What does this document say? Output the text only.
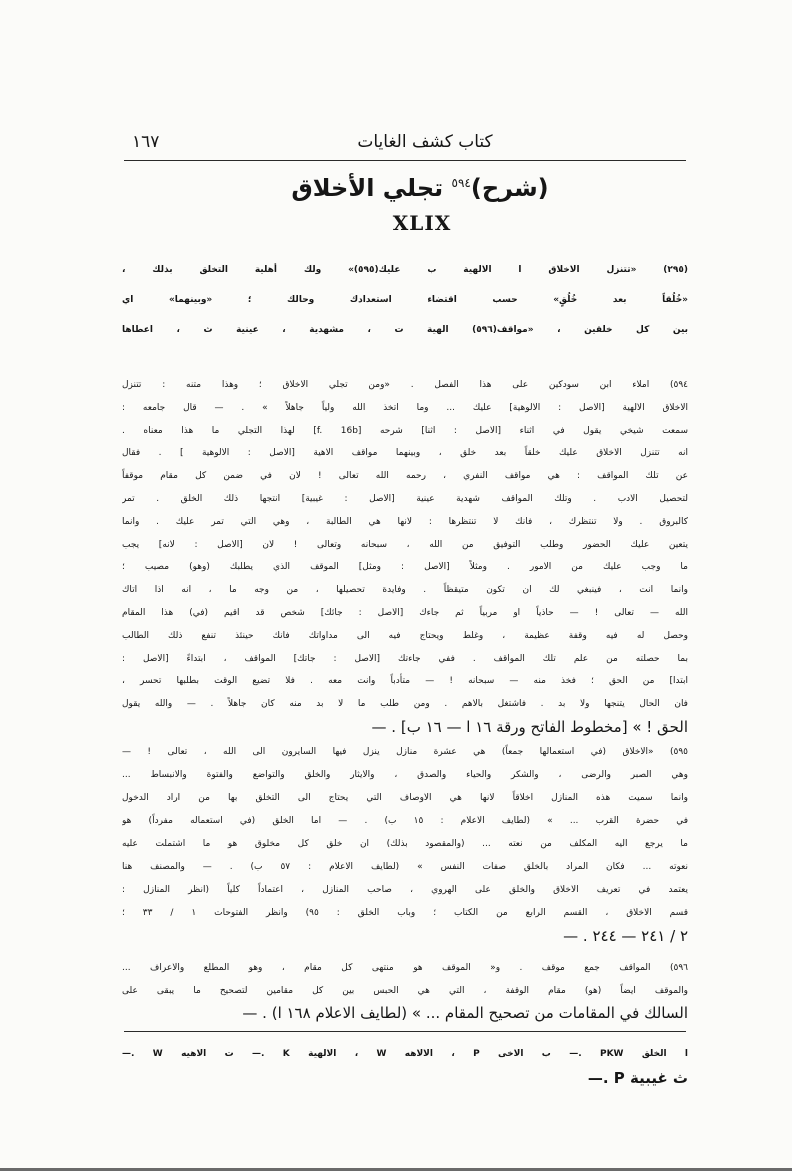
كتاب كشف الغايات
١٦٧
(شرح)$^{٥٩٤}$ تجلي الأخلاق
XLIX
(٢٩٥) «تتنزل الاخلاق ا الالهية ب عليك(٥٩٥)» ولك أهلية التخلق بذلك ،
«خُلُقاً بعد خُلُقٍ» حسب اقتضاء استعدادك وحالك ؛ «وبينهما» اي
بين كل خلقين ، «مواقف(٥٩٦) الهية ت ، مشهدية ، عينية ث ، اعطاها
٥٩٤) املاء ابن سودكين على هذا الفصل . «ومن تجلي الاخلاق ؛ وهذا متنه : تتنزل
الاخلاق الالهية [الاصل : الالوهية] عليك ... وما اتخذ الله ولياً جاهلاً » . — قال جامعه :
سمعت شيخي يقول في اثناء [الاصل : اثنا] شرحه [f. 16b] لهذا التجلي ما هذا معناه .
انه تتنزل الاخلاق عليك خلقاً بعد خلق ، وبينهما مواقف الاهية [الاصل : الالوهية ] . فقال
عن تلك المواقف : هي مواقف النفري ، رحمه الله تعالى ! لان في ضمن كل مقام موقفاً
لتحصيل الادب . وتلك المواقف شهدية عينية [الاصل : غيبية] انتجها ذلك الخلق . تمر
كالبروق . ولا تنتظرك ، فانك لا تنتظرها : لانها هي الطالبة ، وهي التي تمر عليك . وانما
يتعين عليك الحضور وطلب التوفيق من الله ، سبحانه وتعالى ! لان [الاصل : لانه] يجب
ما وجب عليك من الامور . ومثلاً [الاصل : ومثل] الموقف الذي يطلبك (وهو) مصيب ؛
وانما انت ، فينبغي لك ان تكون متيقظاً . وفايدة تحصيلها ، من وجه ما ، انه اذا اتاك
الله — تعالى ! — حاذياً او مربياً ثم جاءك [الاصل : جائك] شخص قد اقيم (في) هذا المقام
وحصل له فيه وقفة عظيمة ، وغلط ويحتاج فيه الى مداواتك فانك حينئذ تنفع ذلك الطالب
بما حصلته من علم تلك المواقف . ففي جاءتك [الاصل : جاتك] المواقف ، ابتداءً [الاصل :
ابتدا] من الحق ؛ فخذ منه — سبحانه ! — متأدباً وانت معه . فلا تضيع الوقت بطلبها تحسر ،
فان الحال يتنجها ولا بد . فاشتغل بالاهم . ومن طلب ما لا بد منه كان جاهلاً . — والله يقول
الحق ! » [مخطوط الفاتح ورقة ١٦ ا — ١٦ ب] . —
٥٩٥) «الاخلاق (في استعمالها جمعاً) هي عشرة منازل ينزل فيها السايرون الى الله ، تعالى ! —
وهي الصبر والرضى ، والشكر والحياء والصدق ، والايثار والخلق والتواضع والفتوة والانبساط ...
وانما سميت هذه المنازل اخلاقاً لانها هي الاوصاف التي يحتاج الى التخلق بها من اراد الدخول
في حضرة القرب ... » (لطايف الاعلام : ١٥ ب) . — اما الخلق (في استعماله مفرداً) هو
ما يرجع اليه المكلف من نعته ... (والمقصود بذلك) ان خلق كل مخلوق هو ما اشتملت عليه
نعوته ... فكان المراد بالخلق صفات النفس » (لطايف الاعلام : ٥٧ ب) . — والمصنف هنا
يعتمد في تعريف الاخلاق والخلق على الهروي ، صاحب المنازل ، اعتماداً كلياً (انظر المنازل :
قسم الاخلاق ، القسم الرابع من الكتاب ؛ وباب الخلق : ٩٥) وانظر الفتوحات ١ / ٣٣ ؛
٢ / ٢٤١ — ٢٤٤ . —
٥٩٦) المواقف جمع موقف . و« الموقف هو منتهى كل مقام ، وهو المطلع والاعراف ...
والموقف ايضاً (هو) مقام الوقفة ، التي هي الحبس بين كل مقامين لتصحيح ما يبقى على
السالك في المقامات من تصحيح المقام ... » (لطايف الاعلام ١٦٨ ا) . —
ا الخلق PKW .— ب الاخى P ، الالاهه W ، الالهية K .— ت الاهيه W .—
ث غيبية P .—
